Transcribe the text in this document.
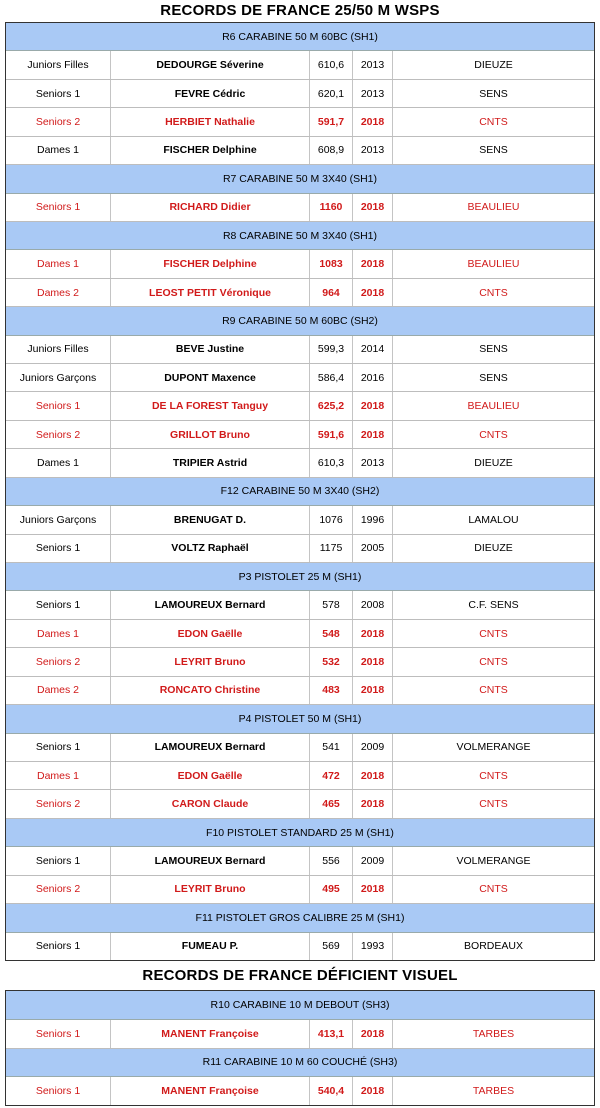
RECORDS DE FRANCE 25/50 M WSPS
R6 CARABINE 50 M 60BC (SH1)
Juniors Filles	DEDOURGE Séverine	610,6	2013	DIEUZE
Seniors 1	FEVRE Cédric	620,1	2013	SENS
Seniors 2	HERBIET Nathalie	591,7	2018	CNTS
Dames 1	FISCHER Delphine	608,9	2013	SENS
R7 CARABINE 50 M 3X40 (SH1)
Seniors 1	RICHARD Didier	1160	2018	BEAULIEU
R8 CARABINE 50 M 3X40 (SH1)
Dames 1	FISCHER Delphine	1083	2018	BEAULIEU
Dames 2	LEOST PETIT Véronique	964	2018	CNTS
R9 CARABINE 50 M 60BC (SH2)
Juniors Filles	BEVE Justine	599,3	2014	SENS
Juniors Garçons	DUPONT Maxence	586,4	2016	SENS
Seniors 1	DE LA FOREST Tanguy	625,2	2018	BEAULIEU
Seniors 2	GRILLOT Bruno	591,6	2018	CNTS
Dames 1	TRIPIER Astrid	610,3	2013	DIEUZE
F12 CARABINE 50 M 3X40 (SH2)
Juniors Garçons	BRENUGAT D.	1076	1996	LAMALOU
Seniors 1	VOLTZ Raphaël	1175	2005	DIEUZE
P3 PISTOLET 25 M (SH1)
Seniors 1	LAMOUREUX Bernard	578	2008	C.F. SENS
Dames 1	EDON Gaëlle	548	2018	CNTS
Seniors 2	LEYRIT Bruno	532	2018	CNTS
Dames 2	RONCATO Christine	483	2018	CNTS
P4 PISTOLET 50 M (SH1)
Seniors 1	LAMOUREUX Bernard	541	2009	VOLMERANGE
Dames 1	EDON Gaëlle	472	2018	CNTS
Seniors 2	CARON Claude	465	2018	CNTS
F10 PISTOLET STANDARD 25 M (SH1)
Seniors 1	LAMOUREUX Bernard	556	2009	VOLMERANGE
Seniors 2	LEYRIT Bruno	495	2018	CNTS
F11 PISTOLET GROS CALIBRE 25 M (SH1)
Seniors 1	FUMEAU P.	569	1993	BORDEAUX
RECORDS DE FRANCE DÉFICIENT VISUEL
R10 CARABINE 10 M DEBOUT (SH3)
Seniors 1	MANENT Françoise	413,1	2018	TARBES
R11 CARABINE 10 M 60 COUCHÉ (SH3)
Seniors 1	MANENT Françoise	540,4	2018	TARBES
